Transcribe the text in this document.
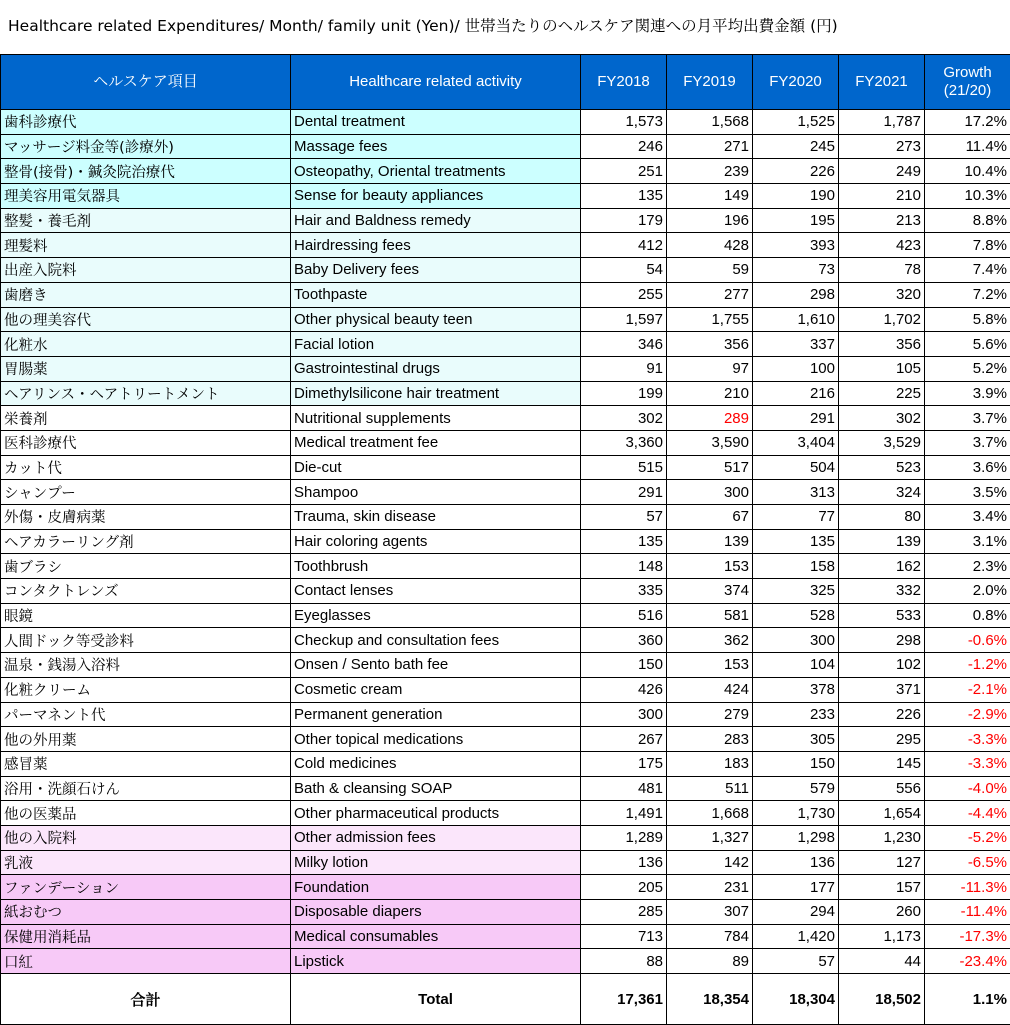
Healthcare related Expenditures/ Month/ family unit (Yen)/ 世帯当たりのヘルスケア関連への月平均出費金額 (円)
ヘルスケア項目	Healthcare related activity	FY2018	FY2019	FY2020	FY2021	Growth
(21/20)

歯科診療代	Dental treatment	1,573	1,568	1,525	1,787	17.2%
マッサージ料金等(診療外)	Massage fees	246	271	245	273	11.4%
整骨(接骨)・鍼灸院治療代	Osteopathy, Oriental treatments	251	239	226	249	10.4%
理美容用電気器具	Sense for beauty appliances	135	149	190	210	10.3%
整髪・養毛剤	Hair and Baldness remedy	179	196	195	213	8.8%
理髪料	Hairdressing fees	412	428	393	423	7.8%
出産入院料	Baby Delivery fees	54	59	73	78	7.4%
歯磨き	Toothpaste	255	277	298	320	7.2%
他の理美容代	Other physical beauty teen	1,597	1,755	1,610	1,702	5.8%
化粧水	Facial lotion	346	356	337	356	5.6%
胃腸薬	Gastrointestinal drugs	91	97	100	105	5.2%
ヘアリンス・ヘアトリートメント	Dimethylsilicone hair treatment	199	210	216	225	3.9%
栄養剤	Nutritional supplements	302	289	291	302	3.7%
医科診療代	Medical treatment fee	3,360	3,590	3,404	3,529	3.7%
カット代	Die-cut	515	517	504	523	3.6%
シャンプー	Shampoo	291	300	313	324	3.5%
外傷・皮膚病薬	Trauma, skin disease	57	67	77	80	3.4%
ヘアカラーリング剤	Hair coloring agents	135	139	135	139	3.1%
歯ブラシ	Toothbrush	148	153	158	162	2.3%
コンタクトレンズ	Contact lenses	335	374	325	332	2.0%
眼鏡	Eyeglasses	516	581	528	533	0.8%
人間ドック等受診料	Checkup and consultation fees	360	362	300	298	-0.6%
温泉・銭湯入浴料	Onsen / Sento bath fee	150	153	104	102	-1.2%
化粧クリーム	Cosmetic cream	426	424	378	371	-2.1%
パーマネント代	Permanent generation	300	279	233	226	-2.9%
他の外用薬	Other topical medications	267	283	305	295	-3.3%
感冒薬	Cold medicines	175	183	150	145	-3.3%
浴用・洗顔石けん	Bath & cleansing SOAP	481	511	579	556	-4.0%
他の医薬品	Other pharmaceutical products	1,491	1,668	1,730	1,654	-4.4%
他の入院料	Other admission fees	1,289	1,327	1,298	1,230	-5.2%
乳液	Milky lotion	136	142	136	127	-6.5%
ファンデーション	Foundation	205	231	177	157	-11.3%
紙おむつ	Disposable diapers	285	307	294	260	-11.4%
保健用消耗品	Medical consumables	713	784	1,420	1,173	-17.3%
口紅	Lipstick	88	89	57	44	-23.4%
合計	Total	17,361	18,354	18,304	18,502	1.1%
